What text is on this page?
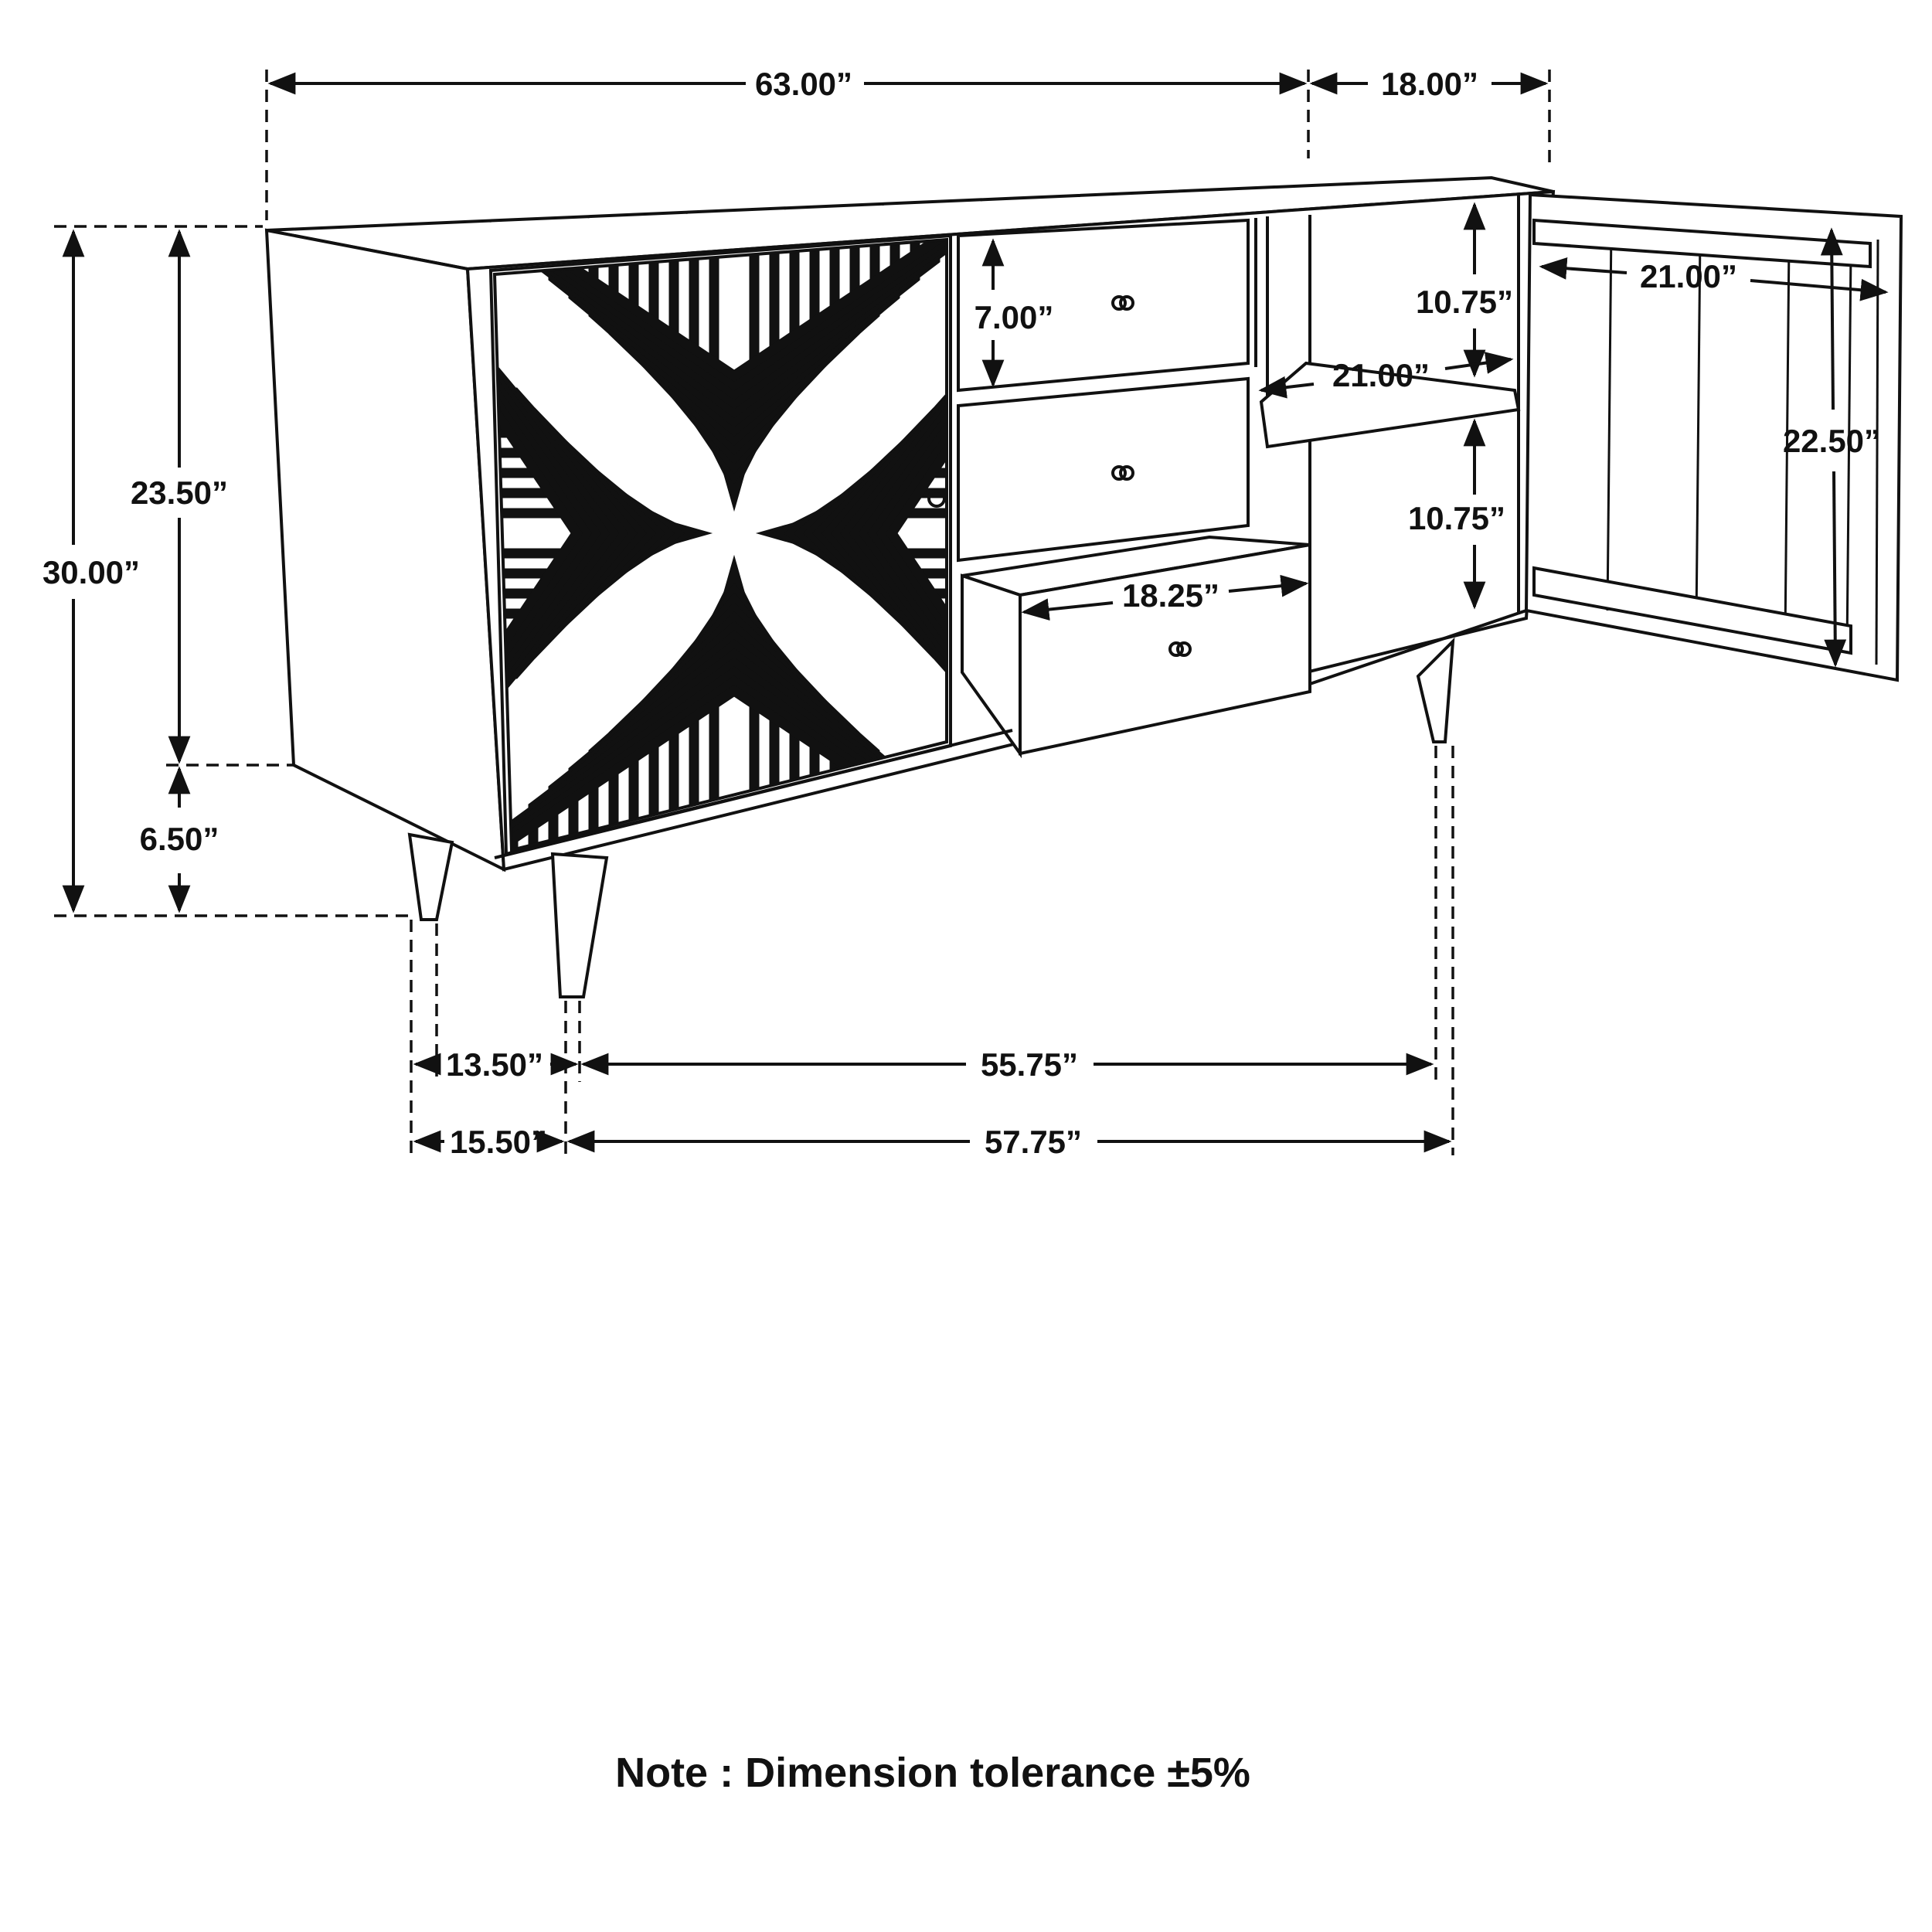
63.00”	18.00”
30.00”
23.50”
6.50”
7.00”	10.75”
10.75”
21.00”
21.00”
22.50”
18.25”
13.50”	55.75”
15.50”	57.75”
Note : Dimension tolerance ±5%
